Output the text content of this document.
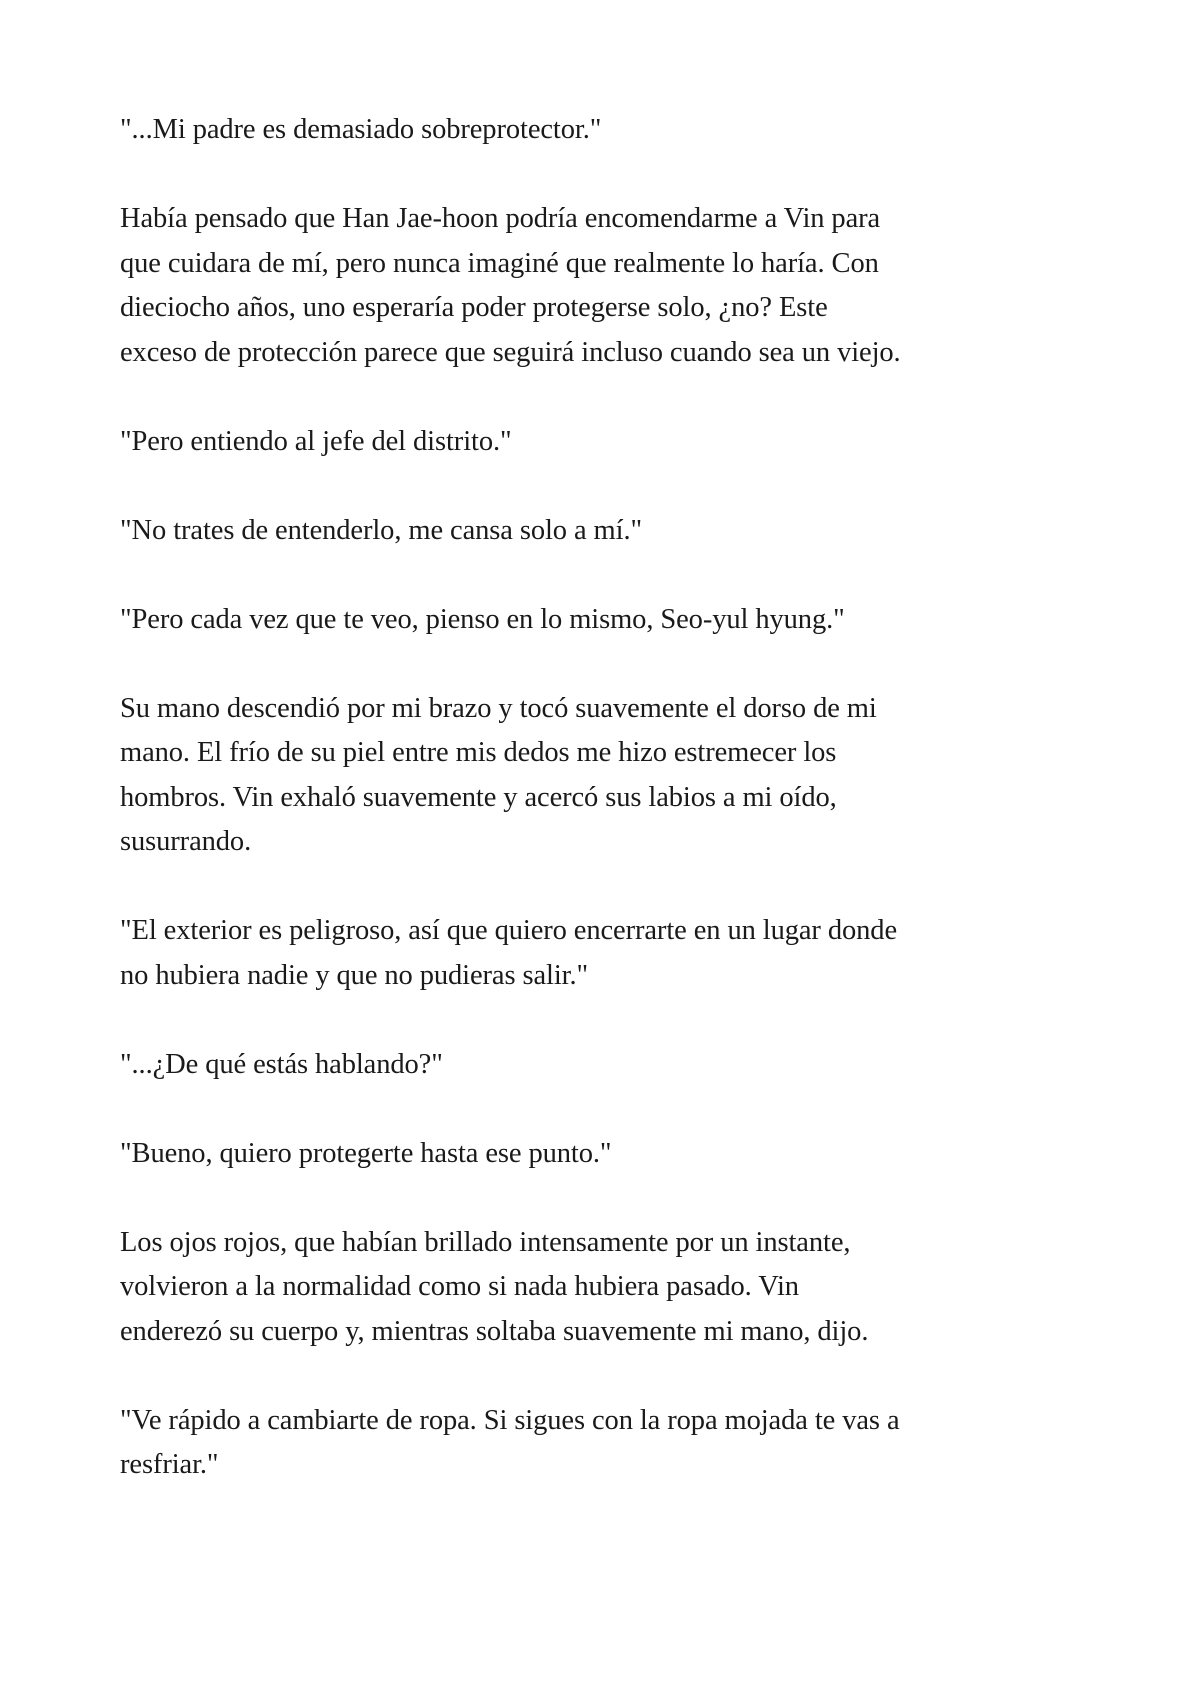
"...Mi padre es demasiado sobreprotector."

Había pensado que Han Jae-hoon podría encomendarme a Vin para
que cuidara de mí, pero nunca imaginé que realmente lo haría. Con
dieciocho años, uno esperaría poder protegerse solo, ¿no? Este
exceso de protección parece que seguirá incluso cuando sea un viejo.

"Pero entiendo al jefe del distrito."

"No trates de entenderlo, me cansa solo a mí."

"Pero cada vez que te veo, pienso en lo mismo, Seo-yul hyung."

Su mano descendió por mi brazo y tocó suavemente el dorso de mi
mano. El frío de su piel entre mis dedos me hizo estremecer los
hombros. Vin exhaló suavemente y acercó sus labios a mi oído,
susurrando.

"El exterior es peligroso, así que quiero encerrarte en un lugar donde
no hubiera nadie y que no pudieras salir."

"...¿De qué estás hablando?"

"Bueno, quiero protegerte hasta ese punto."

Los ojos rojos, que habían brillado intensamente por un instante,
volvieron a la normalidad como si nada hubiera pasado. Vin
enderezó su cuerpo y, mientras soltaba suavemente mi mano, dijo.

"Ve rápido a cambiarte de ropa. Si sigues con la ropa mojada te vas a
resfriar."
